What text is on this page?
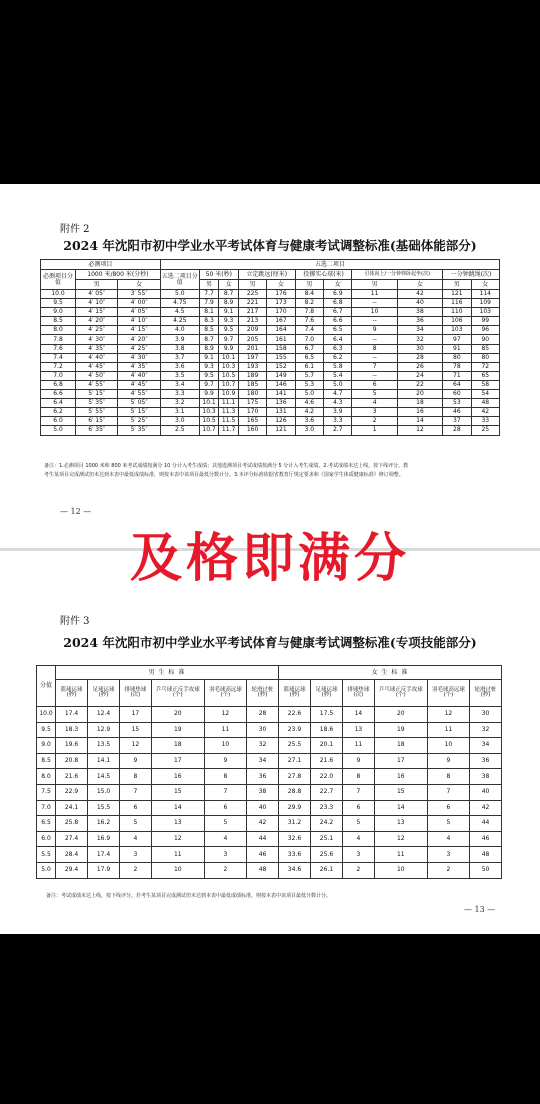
附件 2
2024 年沈阳市初中学业水平考试体育与健康考试调整标准(基础体能部分)
必测项目			五选二项目										
必测项目分值	1000 米/800 米(分秒)		五选二项目分值	50 米(秒)		立定跳远(厘米)		投掷实心球(米)		引体向上/一分钟仰卧起坐(次)		一分钟跳绳(次)	
	男	女		男	女	男	女	男	女	男	女	男	女
10.0	4′ 05″	3′ 55″	5.0	7.7	8.7	225	176	8.4	6.9	11	42	121	114
9.5	4′ 10″	4′ 00″	4.75	7.9	8.9	221	173	8.2	6.8	--	40	116	109
9.0	4′ 15″	4′ 05″	4.5	8.1	9.1	217	170	7.8	6.7	10	38	110	103
8.5	4′ 20″	4′ 10″	4.25	8.3	9.3	213	167	7.6	6.6	--	36	106	99
8.0	4′ 25″	4′ 15″	4.0	8.5	9.5	209	164	7.4	6.5	9	34	103	96
7.8	4′ 30″	4′ 20″	3.9	8.7	9.7	205	161	7.0	6.4	--	32	97	90
7.6	4′ 35″	4′ 25″	3.8	8.9	9.9	201	158	6.7	6.3	8	30	91	85
7.4	4′ 40″	4′ 30″	3.7	9.1	10.1	197	155	6.5	6.2	--	28	80	80
7.2	4′ 45″	4′ 35″	3.6	9.3	10.3	193	152	6.1	5.8	7	26	78	72
7.0	4′ 50″	4′ 40″	3.5	9.5	10.5	189	149	5.7	5.4	--	24	71	65
6.8	4′ 55″	4′ 45″	3.4	9.7	10.7	185	146	5.3	5.0	6	22	64	58
6.6	5′ 15″	4′ 55″	3.3	9.9	10.9	180	141	5.0	4.7	5	20	60	54
6.4	5′ 35″	5′ 05″	3.2	10.1	11.1	175	136	4.6	4.3	4	18	53	48
6.2	5′ 55″	5′ 15″	3.1	10.3	11.3	170	131	4.2	3.9	3	16	46	42
6.0	6′ 15″	5′ 25″	3.0	10.5	11.5	165	126	3.6	3.3	2	14	37	33
5.0	6′ 35″	5′ 35″	2.5	10.7	11.7	160	121	3.0	2.7	1	12	28	25
备注：1.必测项目 1000 米和 800 米考试成绩按满分 10 分计入考生成绩；其他选测项目考试成绩按满分 5 分计入考生成绩。2.考试成绩未达上线，按下线评分。教
考生某项目完成测试但未达到本表中最低成绩标准，则按本表中该项目最低分数计分。3.本评分标准依据省教育厅规定要求和《国家学生体质健康标准》修订调整。
— 12 —
附件 3
2024 年沈阳市初中学业水平考试体育与健康考试调整标准(专项技能部分)
分值	男 生 标 准						女 生 标 准					
	篮球运球(秒)	足球运球(秒)	排球垫球(次)	乒乓球正反手攻球(个)	羽毛球高远球(个)	轮滑过桩(秒)	篮球运球(秒)	足球运球(秒)	排球垫球(次)	乒乓球正反手攻球(个)	羽毛球高远球(个)	轮滑过桩(秒)
10.0	17.4	12.4	17	20	12	28	22.6	17.5	14	20	12	30
9.5	18.3	12.9	15	19	11	30	23.9	18.6	13	19	11	32
9.0	19.6	13.5	12	18	10	32	25.5	20.1	11	18	10	34
8.5	20.8	14.1	9	17	9	34	27.1	21.6	9	17	9	36
8.0	21.6	14.5	8	16	8	36	27.8	22.0	8	16	8	38
7.5	22.9	15.0	7	15	7	38	28.8	22.7	7	15	7	40
7.0	24.1	15.5	6	14	6	40	29.9	23.3	6	14	6	42
6.5	25.8	16.2	5	13	5	42	31.2	24.2	5	13	5	44
6.0	27.4	16.9	4	12	4	44	32.6	25.1	4	12	4	46
5.5	28.4	17.4	3	11	3	46	33.6	25.6	3	11	3	48
5.0	29.4	17.9	2	10	2	48	34.6	26.1	2	10	2	50
备注：考试成绩未达上线，按下线评分。若考生某项目完成测试但未达到本表中最低成绩标准，则按本表中该项目最低分数计分。
— 13 —
及格即满分
